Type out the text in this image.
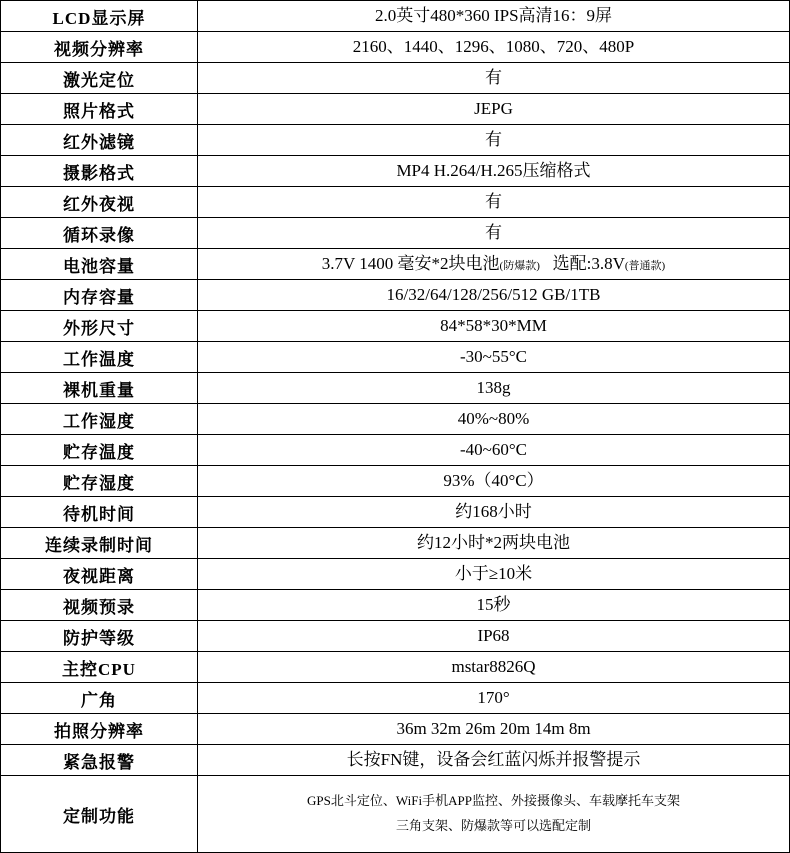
LCD显示屏	2.0英寸480*360 IPS高清16：9屏

视频分辨率	2160、1440、1296、1080、720、480P

激光定位	有

照片格式	JEPG

红外滤镜	有

摄影格式	MP4 H.264/H.265压缩格式

红外夜视	有

循环录像	有

电池容量	3.7V 1400 毫安*2块电池(防爆款) 选配:3.8V(普通款)

内存容量	16/32/64/128/256/512 GB/1TB

外形尺寸	84*58*30*MM

工作温度	-30~55°C

裸机重量	138g

工作湿度	40%~80%

贮存温度	-40~60°C

贮存湿度	93%（40°C）

待机时间	约168小时

连续录制时间	约12小时*2两块电池

夜视距离	小于≥10米

视频预录	15秒

防护等级	IP68

主控CPU	mstar8826Q

广角	170°

拍照分辨率	36m 32m 26m 20m 14m 8m

紧急报警	长按FN键，设备会红蓝闪烁并报警提示

定制功能	GPS北斗定位、WiFi手机APP监控、外接摄像头、车载摩托车支架
三角支架、防爆款等可以选配定制
